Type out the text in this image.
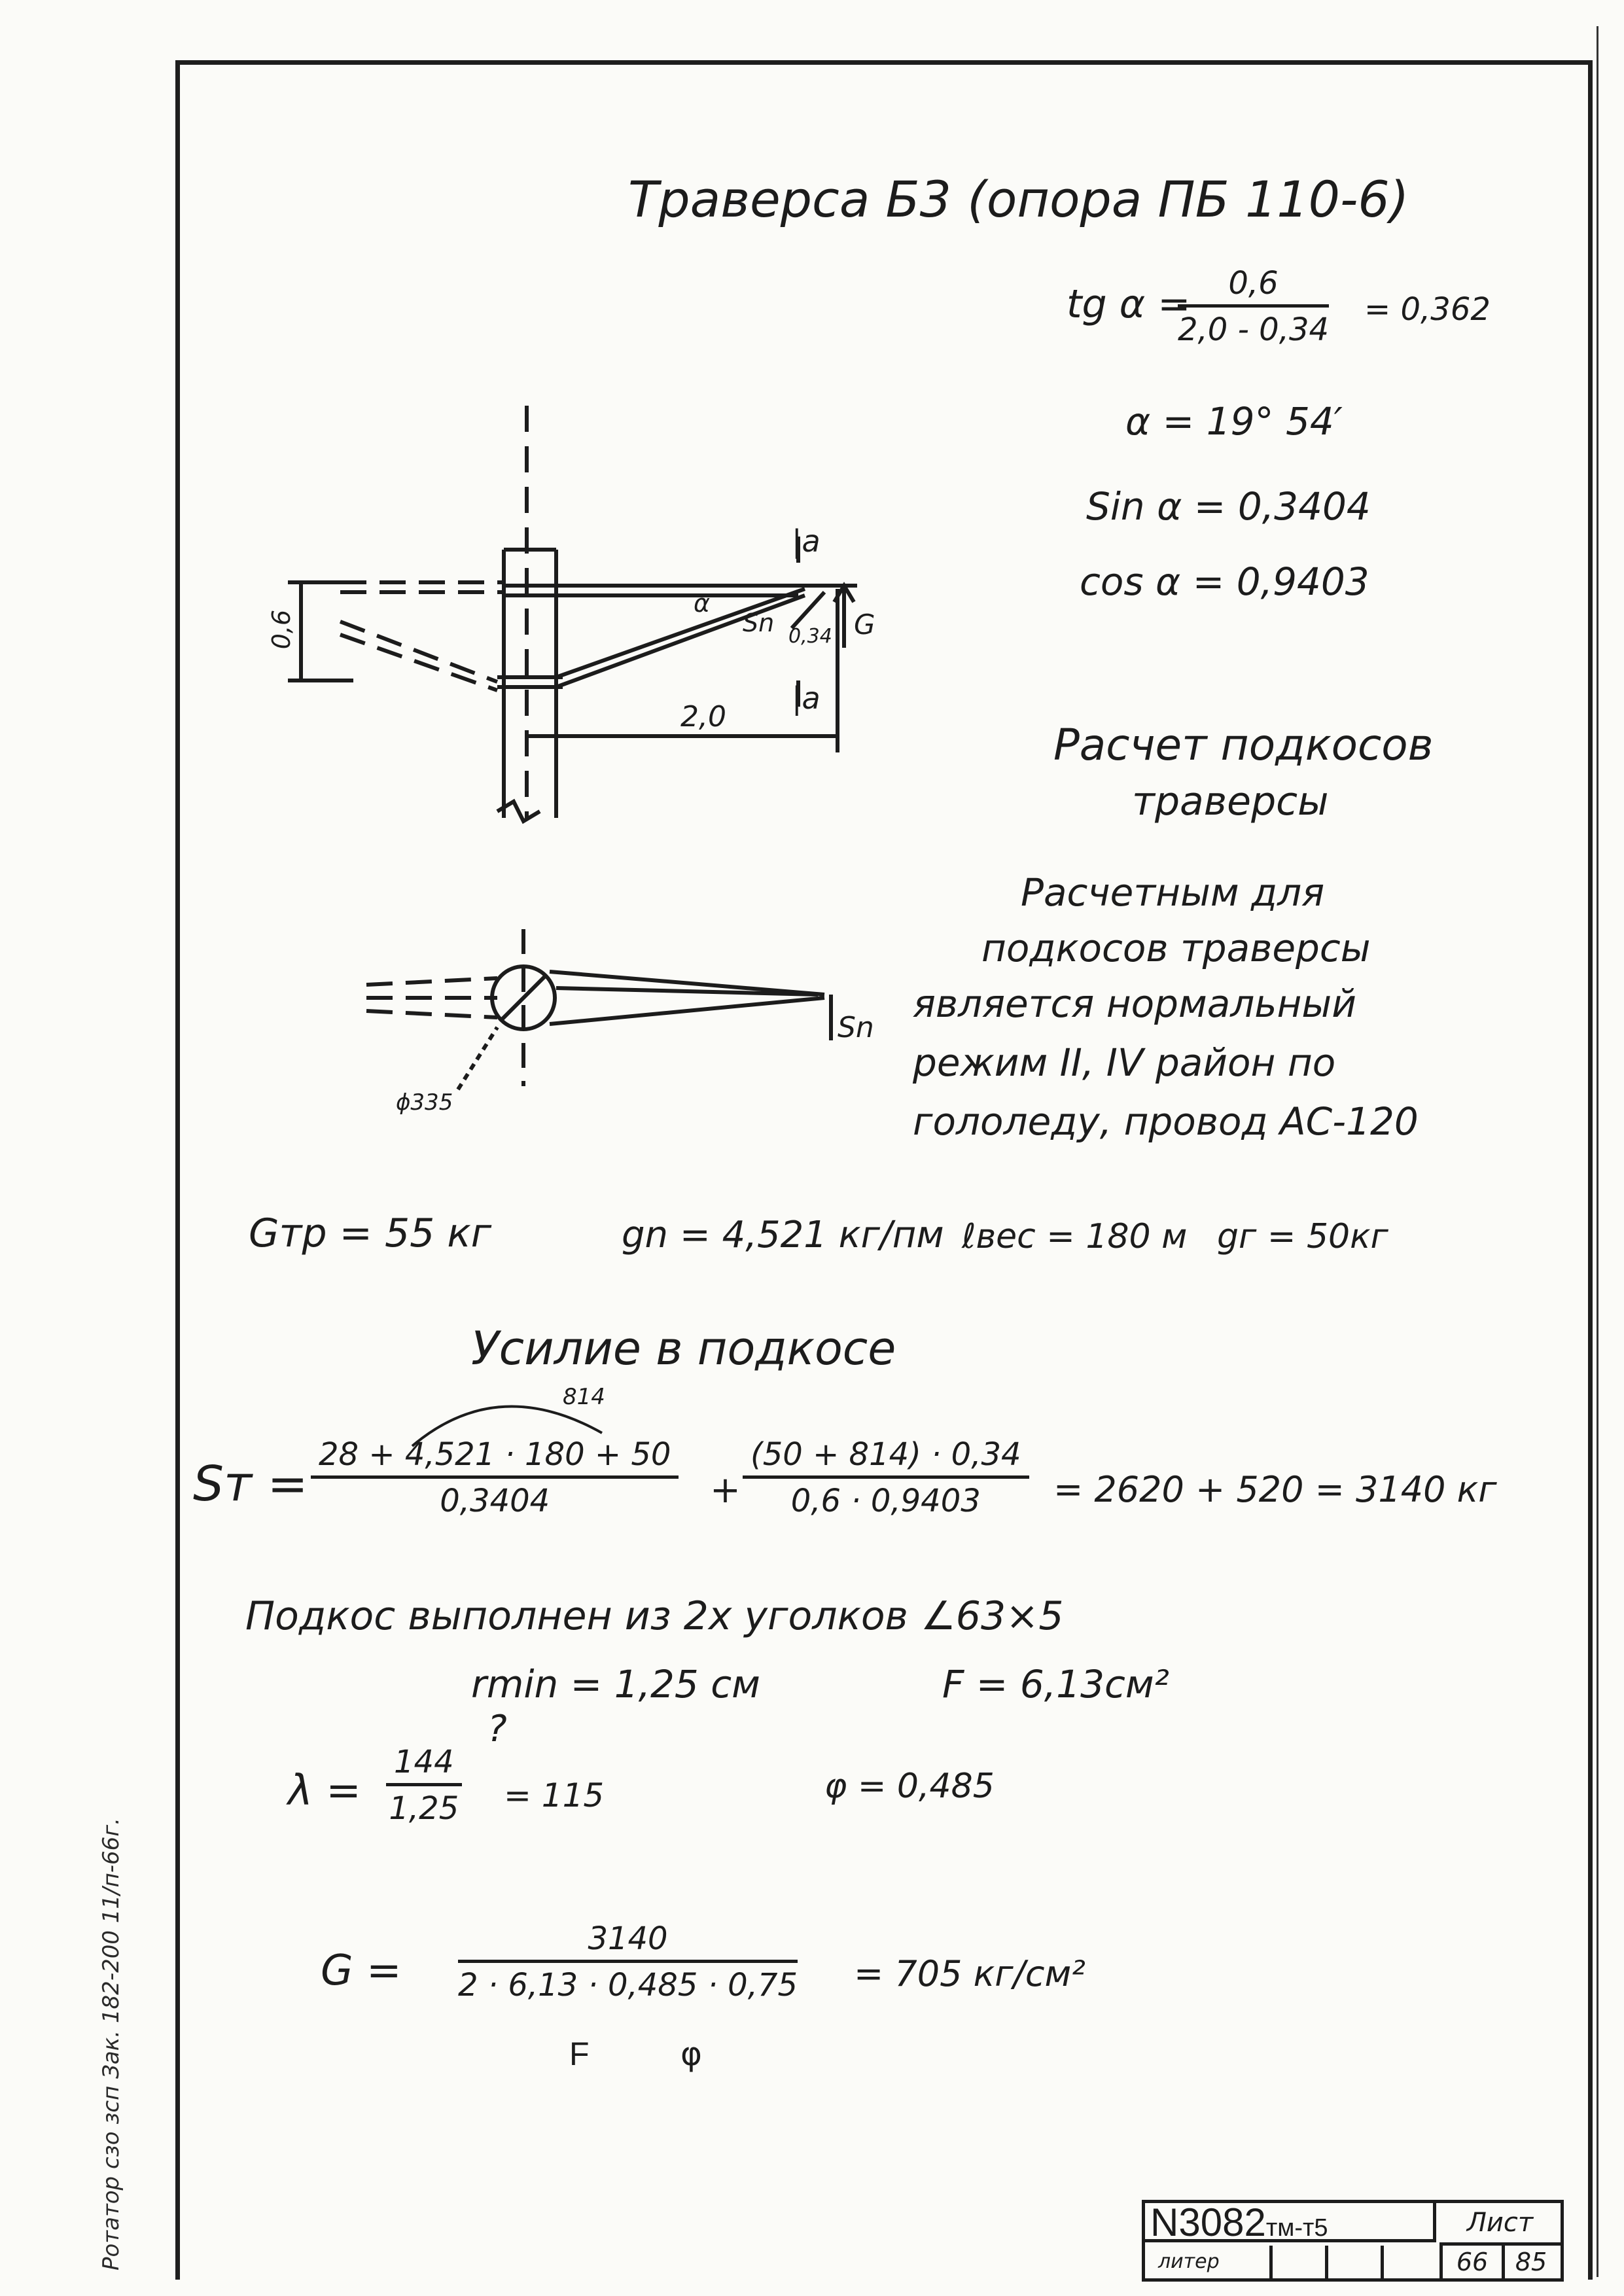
Траверса Б3 (опора ПБ 110-6)
tg α =
$\frac{0,6}{2,0 - 0,34} = 0,362$
α = 19° 54′
Sin α = 0,3404
cos α = 0,9403
0,6
2,0
α
Sn 0,34 G
|a
|a
Sn
ϕ335
Расчет подкосов
траверсы
Расчетным для
подкосов траверсы
является нормальный
режим II, IV район по
гололеду, провод АС-120
Gтр = 55 кг	gn = 4,521 кг/пм ℓвес = 180 м gг = 50кг
Усилие в подкосе
Sт =
814
$\frac{28 + 4,521 \cdot 180 + 50}{0,3404} + \frac{(50 + 814) \cdot 0,34}{0,6 \cdot 0,9403} = 2620 + 520 = 3140$ кг
Подкос выполнен из 2х уголков ∠63×5
rmin = 1,25 см	F = 6,13см²
$\lambda = \frac{144}{1,25}$
?
= 115	φ = 0,485
$G = \frac{3140}{2 \cdot 6,13 \cdot 0,485 \cdot 0,75} = 705$ кг/см²
F	φ
Ротатор сзо зсп Зак. 182-200 11/п-66г.	N3082тм-т5	Лист
литер	66	85
